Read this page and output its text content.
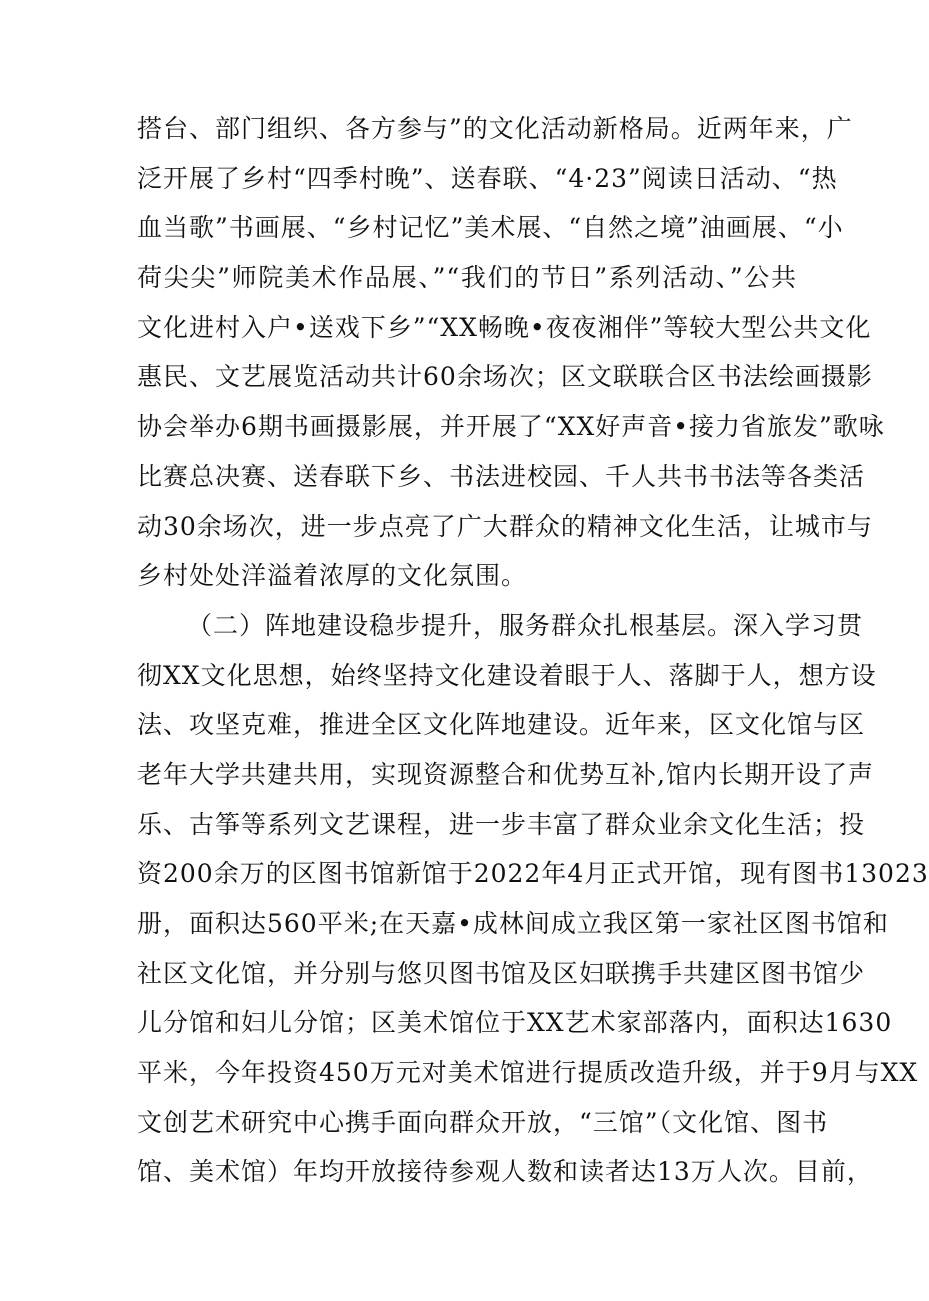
搭台、部门组织、各方参与”的文化活动新格局。近两年来，广
泛开展了乡村“四季村晚”、送春联、“4·23”阅读日活动、“热
血当歌”书画展、“乡村记忆”美术展、“自然之境”油画展、“小
荷尖尖”师院美术作品展、”“我们的节日”系列活动、”公共
文化进村入户•送戏下乡”“XX畅晚•夜夜湘伴”等较大型公共文化
惠民、文艺展览活动共计60余场次；区文联联合区书法绘画摄影
协会举办6期书画摄影展，并开展了“XX好声音•接力省旅发”歌咏
比赛总决赛、送春联下乡、书法进校园、千人共书书法等各类活
动30余场次，进一步点亮了广大群众的精神文化生活，让城市与
乡村处处洋溢着浓厚的文化氛围。
（二）阵地建设稳步提升，服务群众扎根基层。深入学习贯
彻XX文化思想，始终坚持文化建设着眼于人、落脚于人，想方设
法、攻坚克难，推进全区文化阵地建设。近年来，区文化馆与区
老年大学共建共用，实现资源整合和优势互补,馆内长期开设了声
乐、古筝等系列文艺课程，进一步丰富了群众业余文化生活；投
资200余万的区图书馆新馆于2022年4月正式开馆，现有图书13023
册，面积达560平米;在天嘉•成林间成立我区第一家社区图书馆和
社区文化馆，并分别与悠贝图书馆及区妇联携手共建区图书馆少
儿分馆和妇儿分馆；区美术馆位于XX艺术家部落内，面积达1630
平米，今年投资450万元对美术馆进行提质改造升级，并于9月与XX
文创艺术研究中心携手面向群众开放，“三馆”（文化馆、图书
馆、美术馆）年均开放接待参观人数和读者达13万人次。目前，
